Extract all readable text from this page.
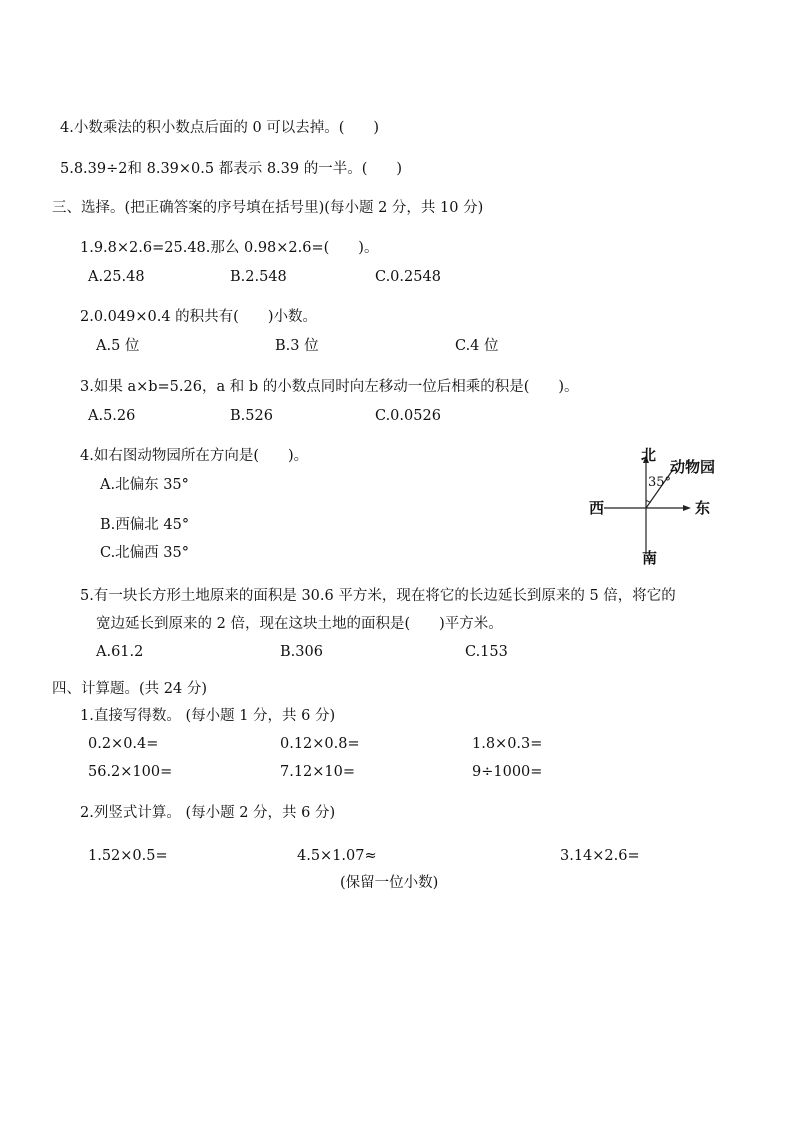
4.小数乘法的积小数点后面的 0 可以去掉。(　　)
5.8.39÷2和 8.39×0.5 都表示 8.39 的一半。(　　)
三、选择。(把正确答案的序号填在括号里)(每小题 2 分，共 10 分)
1.9.8×2.6=25.48.那么 0.98×2.6=(　　)。
A.25.48	B.2.548	C.0.2548
2.0.049×0.4 的积共有(　　)小数。
A.5 位	B.3 位	C.4 位
3.如果 a×b=5.26，a 和 b 的小数点同时向左移动一位后相乘的积是(　　)。
A.5.26	B.526	C.0.0526
4.如右图动物园所在方向是(　　)。
A.北偏东 35°
B.西偏北 45°
C.北偏西 35°
北
动物园
35°
西	东
南
5.有一块长方形土地原来的面积是 30.6 平方米，现在将它的长边延长到原来的 5 倍，将它的
宽边延长到原来的 2 倍，现在这块土地的面积是(　　)平方米。
A.61.2	B.306	C.153
四、计算题。(共 24 分)
1.直接写得数。 (每小题 1 分，共 6 分)
0.2×0.4=	0.12×0.8=	1.8×0.3=
56.2×100=	7.12×10=	9÷1000=
2.列竖式计算。 (每小题 2 分，共 6 分)
1.52×0.5=	4.5×1.07≈	3.14×2.6=
(保留一位小数)
